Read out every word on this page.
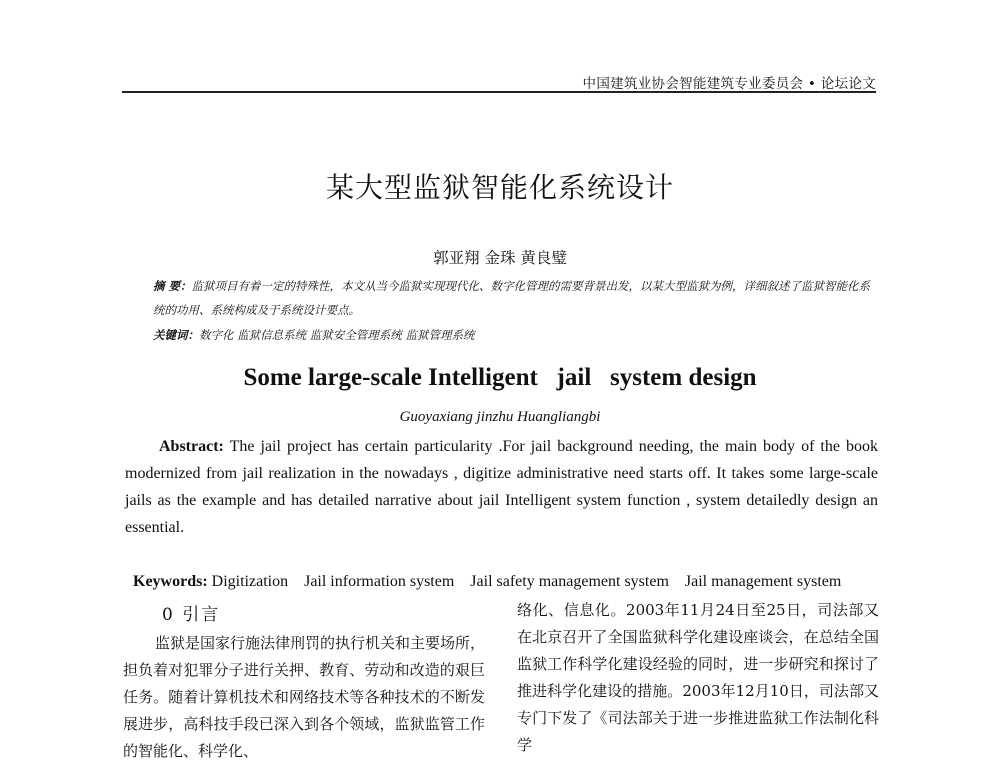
中国建筑业协会智能建筑专业委员会 • 论坛论文
某大型监狱智能化系统设计
郭亚翔 金珠 黄良璧
摘 要：监狱项目有着一定的特殊性，本文从当今监狱实现现代化、数字化管理的需要背景出发，以某大型监狱为例，详细叙述了监狱智能化系统的功用、系统构成及于系统设计要点。
关键词：数字化 监狱信息系统 监狱安全管理系统 监狱管理系统
Some large-scale Intelligent   jail   system design
Guoyaxiang jinzhu Huangliangbi
Abstract: The jail project has certain particularity .For jail background needing, the main body of the book modernized from jail realization in the nowadays , digitize administrative need starts off. It takes some large-scale jails as the example and has detailed narrative about jail Intelligent system function , system detailedly design an essential.

Keywords: Digitization    Jail information system    Jail safety management system    Jail management system

0 引言
监狱是国家行施法律刑罚的执行机关和主要场所，担负着对犯罪分子进行关押、教育、劳动和改造的艰巨任务。随着计算机技术和网络技术等各种技术的不断发展进步，高科技手段已深入到各个领域，监狱监管工作的智能化、科学化、
络化、信息化。2003年11月24日至25日，司法部又在北京召开了全国监狱科学化建设座谈会，在总结全国监狱工作科学化建设经验的同时，进一步研究和探讨了推进科学化建设的措施。2003年12月10日，司法部又专门下发了《司法部关于进一步推进监狱工作法制化科学
